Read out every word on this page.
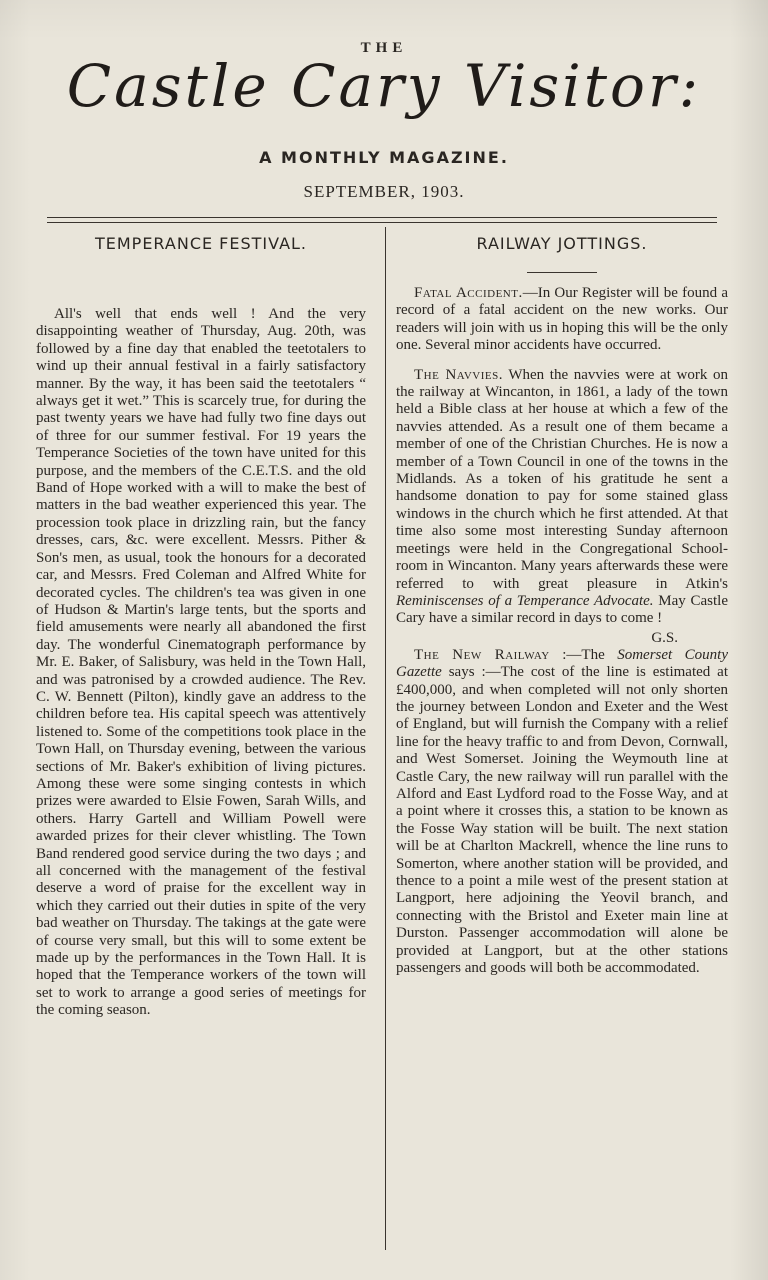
THE
Castle Cary Visitor:
A MONTHLY MAGAZINE.
SEPTEMBER, 1903.
TEMPERANCE FESTIVAL.

All's well that ends well ! And the very disappointing weather of Thursday, Aug. 20th, was followed by a fine day that enabled the teetotalers to wind up their annual festival in a fairly satisfactory manner. By the way, it has been said the teetotalers “ always get it wet.” This is scarcely true, for during the past twenty years we have had fully two fine days out of three for our summer festival. For 19 years the Temperance Societies of the town have united for this purpose, and the members of the C.E.T.S. and the old Band of Hope worked with a will to make the best of matters in the bad weather experienced this year. The procession took place in drizzling rain, but the fancy dresses, cars, &c. were excellent. Messrs. Pither & Son's men, as usual, took the honours for a decorated car, and Messrs. Fred Coleman and Alfred White for decorated cycles. The children's tea was given in one of Hudson & Martin's large tents, but the sports and field amusements were nearly all abandoned the first day. The wonderful Cinematograph performance by Mr. E. Baker, of Salisbury, was held in the Town Hall, and was patronised by a crowded audience. The Rev. C. W. Bennett (Pilton), kindly gave an address to the children before tea. His capital speech was attentively listened to. Some of the competitions took place in the Town Hall, on Thursday evening, between the various sections of Mr. Baker's exhibition of living pictures. Among these were some singing contests in which prizes were awarded to Elsie Fowen, Sarah Wills, and others. Harry Gartell and William Powell were awarded prizes for their clever whistling. The Town Band rendered good service during the two days ; and all concerned with the management of the festival deserve a word of praise for the excellent way in which they carried out their duties in spite of the very bad weather on Thursday. The takings at the gate were of course very small, but this will to some extent be made up by the performances in the Town Hall. It is hoped that the Temperance workers of the town will set to work to arrange a good series of meetings for the coming season.

RAILWAY JOTTINGS.

Fatal Accident.—In Our Register will be found a record of a fatal accident on the new works. Our readers will join with us in hoping this will be the only one. Several minor accidents have occurred.

The Navvies. When the navvies were at work on the railway at Wincanton, in 1861, a lady of the town held a Bible class at her house at which a few of the navvies attended. As a result one of them became a member of one of the Christian Churches. He is now a member of a Town Council in one of the towns in the Midlands. As a token of his gratitude he sent a handsome donation to pay for some stained glass windows in the church which he first attended. At that time also some most interesting Sunday afternoon meetings were held in the Congregational School-room in Wincanton. Many years afterwards these were referred to with great pleasure in Atkin's Reminiscenses of a Temperance Advocate. May Castle Cary have a similar record in days to come !

G.S.

The New Railway :—The Somerset County Gazette says :—The cost of the line is estimated at £400,000, and when completed will not only shorten the journey between London and Exeter and the West of England, but will furnish the Company with a relief line for the heavy traffic to and from Devon, Cornwall, and West Somerset. Joining the Weymouth line at Castle Cary, the new railway will run parallel with the Alford and East Lydford road to the Fosse Way, and at a point where it crosses this, a station to be known as the Fosse Way station will be built. The next station will be at Charlton Mackrell, whence the line runs to Somerton, where another station will be provided, and thence to a point a mile west of the present station at Langport, here adjoining the Yeovil branch, and connecting with the Bristol and Exeter main line at Durston. Passenger accommodation will alone be provided at Langport, but at the other stations passengers and goods will both be accommodated.
